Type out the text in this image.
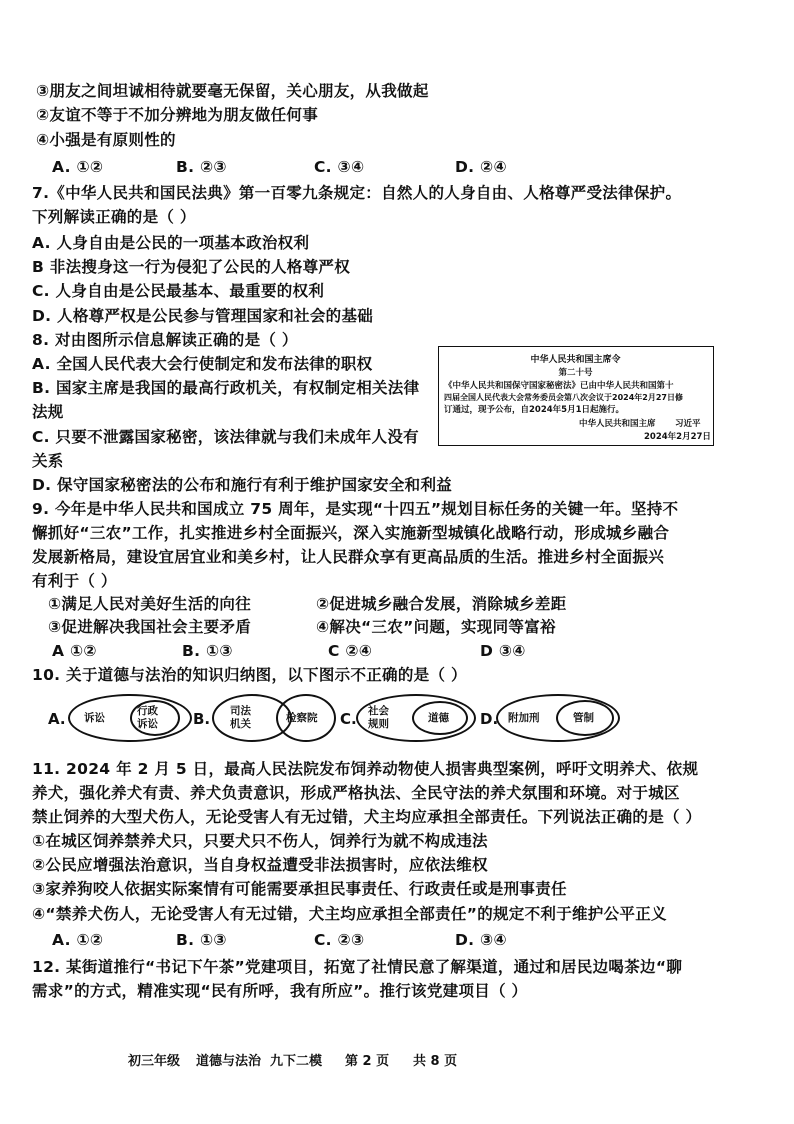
③朋友之间坦诚相待就要毫无保留，关心朋友，从我做起
②友谊不等于不加分辨地为朋友做任何事
④小强是有原则性的
A. ①②	B. ②③	C. ③④	D. ②④
7.《中华人民共和国民法典》第一百零九条规定：自然人的人身自由、人格尊严受法律保护。
下列解读正确的是（ ）
A. 人身自由是公民的一项基本政治权利
B 非法搜身这一行为侵犯了公民的人格尊严权
C. 人身自由是公民最基本、最重要的权利
D. 人格尊严权是公民参与管理国家和社会的基础
8. 对由图所示信息解读正确的是（ ）
A. 全国人民代表大会行使制定和发布法律的职权
B. 国家主席是我国的最高行政机关，有权制定相关法律
法规
C. 只要不泄露国家秘密，该法律就与我们未成年人没有
关系
D. 保守国家秘密法的公布和施行有利于维护国家安全和利益
中华人民共和国主席令
第二十号
《中华人民共和国保守国家秘密法》已由中华人民共和国第十
四届全国人民代表大会常务委员会第八次会议于2024年2月27日修
订通过，现予公布，自2024年5月1日起施行。
中华人民共和国主席 习近平
2024年2月27日
9. 今年是中华人民共和国成立 75 周年，是实现“十四五”规划目标任务的关键一年。坚持不
懈抓好“三农”工作，扎实推进乡村全面振兴，深入实施新型城镇化战略行动，形成城乡融合
发展新格局，建设宜居宜业和美乡村，让人民群众享有更高品质的生活。推进乡村全面振兴
有利于（ ）
①满足人民对美好生活的向往	②促进城乡融合发展，消除城乡差距
③促进解决我国社会主要矛盾	④解决“三农”问题，实现同等富裕
A ①②	B. ①③	C ②④	D ③④
10. 关于道德与法治的知识归纳图，以下图示不正确的是（ ）
A. 诉讼
行政
诉讼 B. 司法
机关	检察院 C. 社会
规则	道德 D. 附加刑	管制
11. 2024 年 2 月 5 日，最高人民法院发布饲养动物使人损害典型案例，呼吁文明养犬、依规
养犬，强化养犬有责、养犬负责意识，形成严格执法、全民守法的养犬氛围和环境。对于城区
禁止饲养的大型犬伤人，无论受害人有无过错，犬主均应承担全部责任。下列说法正确的是（ ）
①在城区饲养禁养犬只，只要犬只不伤人，饲养行为就不构成违法
②公民应增强法治意识，当自身权益遭受非法损害时，应依法维权
③家养狗咬人依据实际案情有可能需要承担民事责任、行政责任或是刑事责任
④“禁养犬伤人，无论受害人有无过错，犬主均应承担全部责任”的规定不利于维护公平正义
A. ①②	B. ①③	C. ②③	D. ③④
12. 某街道推行“书记下午茶”党建项目，拓宽了社情民意了解渠道，通过和居民边喝茶边“聊
需求”的方式，精准实现“民有所呼，我有所应”。推行该党建项目（ ）
初三年级 道德与法治 九下二模 第 2 页 共 8 页
